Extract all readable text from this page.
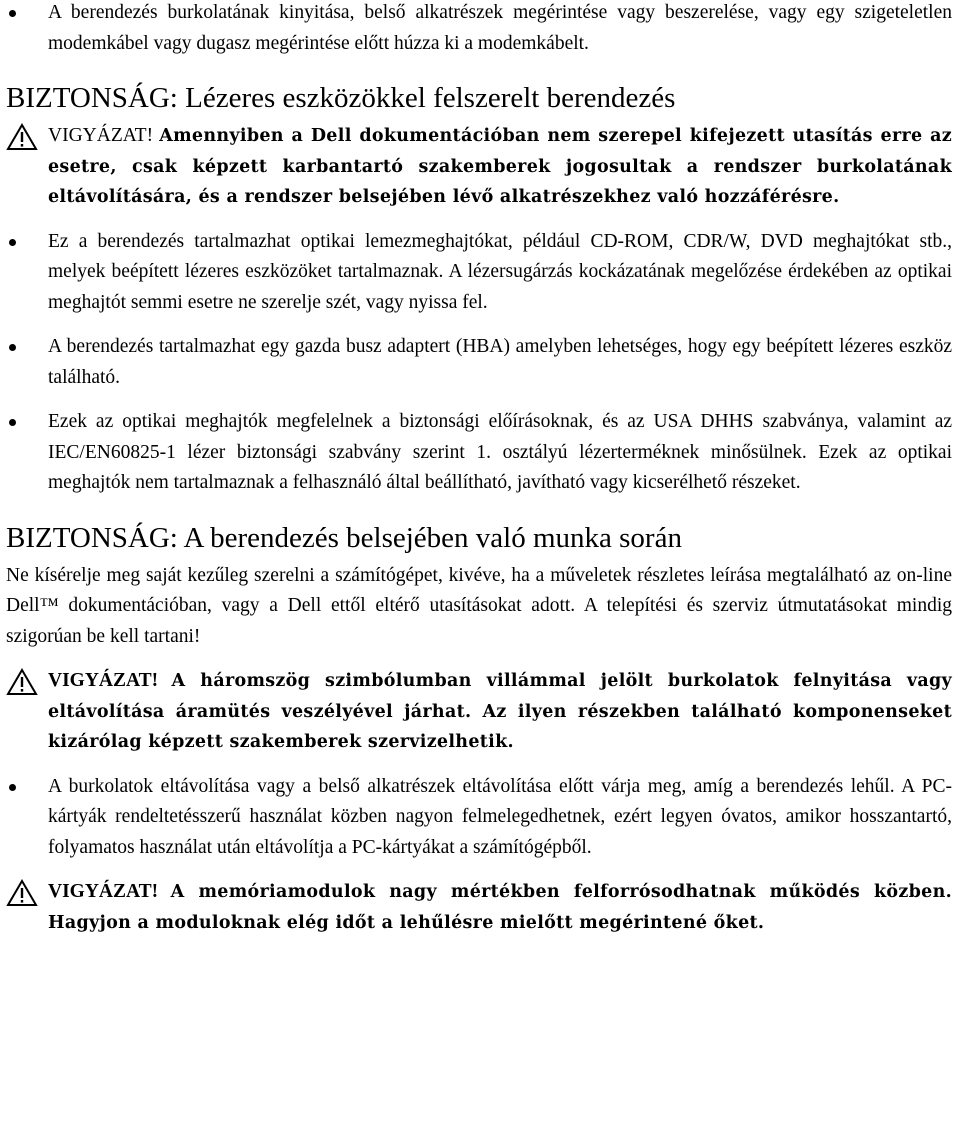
A berendezés burkolatának kinyitása, belső alkatrészek megérintése vagy beszerelése, vagy egy szigeteletlen modemkábel vagy dugasz megérintése előtt húzza ki a modemkábelt.
BIZTONSÁG: Lézeres eszközökkel felszerelt berendezés
VIGYÁZAT! Amennyiben a Dell dokumentációban nem szerepel kifejezett utasítás erre az esetre, csak képzett karbantartó szakemberek jogosultak a rendszer burkolatának eltávolítására, és a rendszer belsejében lévő alkatrészekhez való hozzáférésre.
Ez a berendezés tartalmazhat optikai lemezmeghajtókat, például CD-ROM, CDR/W, DVD meghajtókat stb., melyek beépített lézeres eszközöket tartalmaznak. A lézersugárzás kockázatának megelőzése érdekében az optikai meghajtót semmi esetre ne szerelje szét, vagy nyissa fel.
A berendezés tartalmazhat egy gazda busz adaptert (HBA) amelyben lehetséges, hogy egy beépített lézeres eszköz található.
Ezek az optikai meghajtók megfelelnek a biztonsági előírásoknak, és az USA DHHS szabványa, valamint az IEC/EN60825-1 lézer biztonsági szabvány szerint 1. osztályú lézerterméknek minősülnek. Ezek az optikai meghajtók nem tartalmaznak a felhasználó által beállítható, javítható vagy kicserélhető részeket.
BIZTONSÁG: A berendezés belsejében való munka során
Ne kísérelje meg saját kezűleg szerelni a számítógépet, kivéve, ha a műveletek részletes leírása megtalálható az on-line Dell™ dokumentációban, vagy a Dell ettől eltérő utasításokat adott. A telepítési és szerviz útmutatásokat mindig szigorúan be kell tartani!
VIGYÁZAT! A háromszög szimbólumban villámmal jelölt burkolatok felnyitása vagy eltávolítása áramütés veszélyével járhat. Az ilyen részekben található komponenseket kizárólag képzett szakemberek szervizelhetik.
A burkolatok eltávolítása vagy a belső alkatrészek eltávolítása előtt várja meg, amíg a berendezés lehűl. A PC-kártyák rendeltetésszerű használat közben nagyon felmelegedhetnek, ezért legyen óvatos, amikor hosszantartó, folyamatos használat után eltávolítja a PC-kártyákat a számítógépből.
VIGYÁZAT! A memóriamodulok nagy mértékben felforrósodhatnak működés közben. Hagyjon a moduloknak elég időt a lehűlésre mielőtt megérintené őket.
